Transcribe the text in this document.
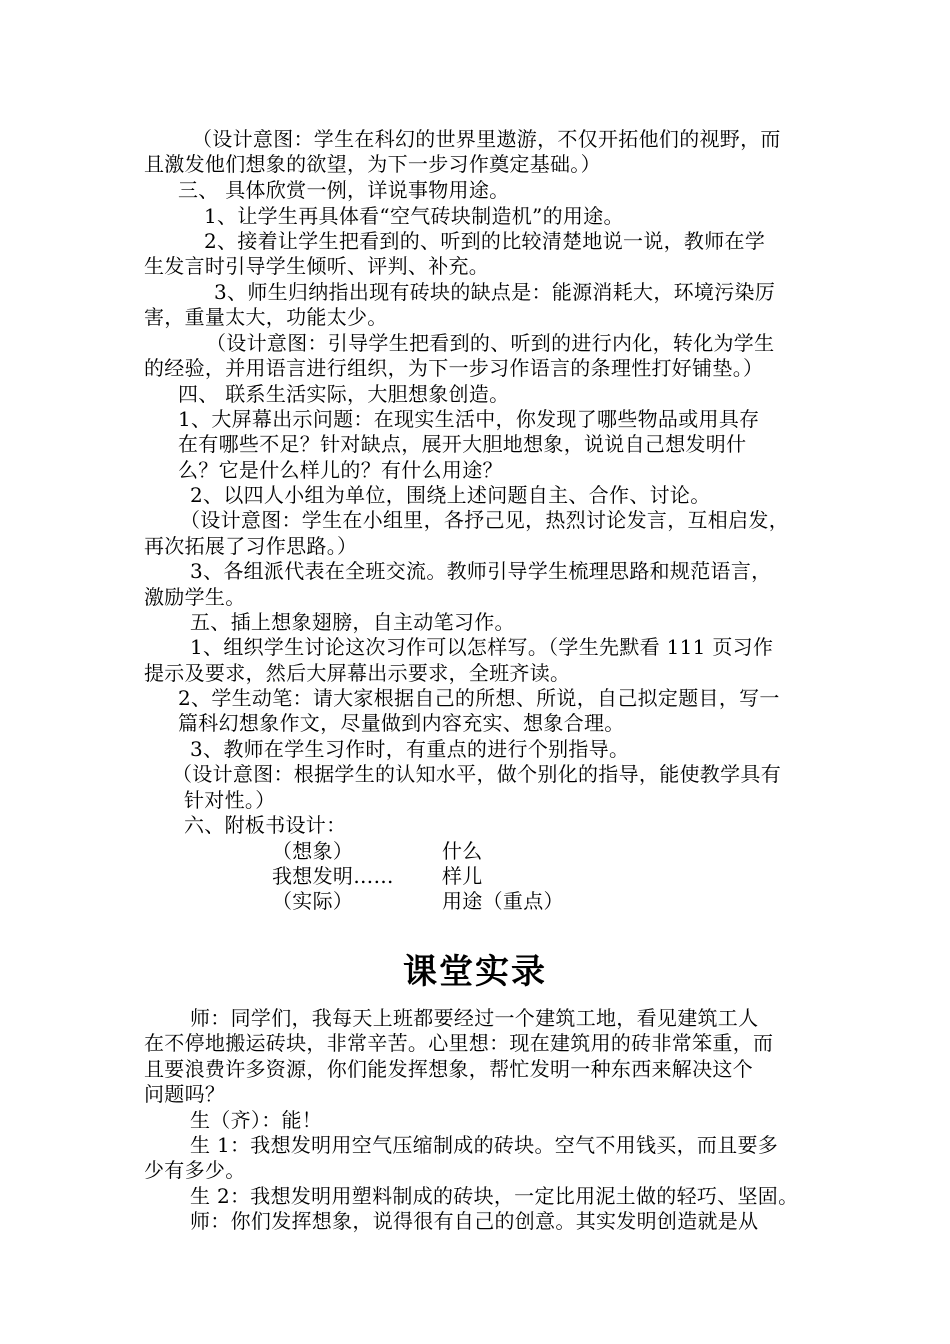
（设计意图：学生在科幻的世界里遨游，不仅开拓他们的视野，而
且激发他们想象的欲望，为下一步习作奠定基础。）
三、 具体欣赏一例，详说事物用途。
1、让学生再具体看“空气砖块制造机”的用途。
2、接着让学生把看到的、听到的比较清楚地说一说，教师在学
生发言时引导学生倾听、评判、补充。
3、师生归纳指出现有砖块的缺点是：能源消耗大，环境污染厉
害，重量太大，功能太少。
（设计意图：引导学生把看到的、听到的进行内化，转化为学生
的经验，并用语言进行组织，为下一步习作语言的条理性打好铺垫。）
四、 联系生活实际，大胆想象创造。
1、大屏幕出示问题：在现实生活中，你发现了哪些物品或用具存
在有哪些不足？针对缺点，展开大胆地想象，说说自己想发明什
么？它是什么样儿的？有什么用途？
2、以四人小组为单位，围绕上述问题自主、合作、讨论。
（设计意图：学生在小组里，各抒己见，热烈讨论发言，互相启发，
再次拓展了习作思路。）
3、各组派代表在全班交流。教师引导学生梳理思路和规范语言，
激励学生。
五、插上想象翅膀，自主动笔习作。
1、组织学生讨论这次习作可以怎样写。（学生先默看 111 页习作
提示及要求，然后大屏幕出示要求，全班齐读。
2、学生动笔：请大家根据自己的所想、所说，自己拟定题目，写一
篇科幻想象作文，尽量做到内容充实、想象合理。
3、教师在学生习作时，有重点的进行个别指导。
（设计意图：根据学生的认知水平，做个别化的指导，能使教学具有
针对性。）
六、附板书设计：
（想象）
我想发明……
（实际）
什么
样儿
用途（重点）
课堂实录
师：同学们，我每天上班都要经过一个建筑工地，看见建筑工人
在不停地搬运砖块，非常辛苦。心里想：现在建筑用的砖非常笨重，而
且要浪费许多资源，你们能发挥想象，帮忙发明一种东西来解决这个
问题吗？
生（齐）：能！
生 1：我想发明用空气压缩制成的砖块。空气不用钱买，而且要多
少有多少。
生 2：我想发明用塑料制成的砖块，一定比用泥土做的轻巧、坚固。
师：你们发挥想象，说得很有自己的创意。其实发明创造就是从
